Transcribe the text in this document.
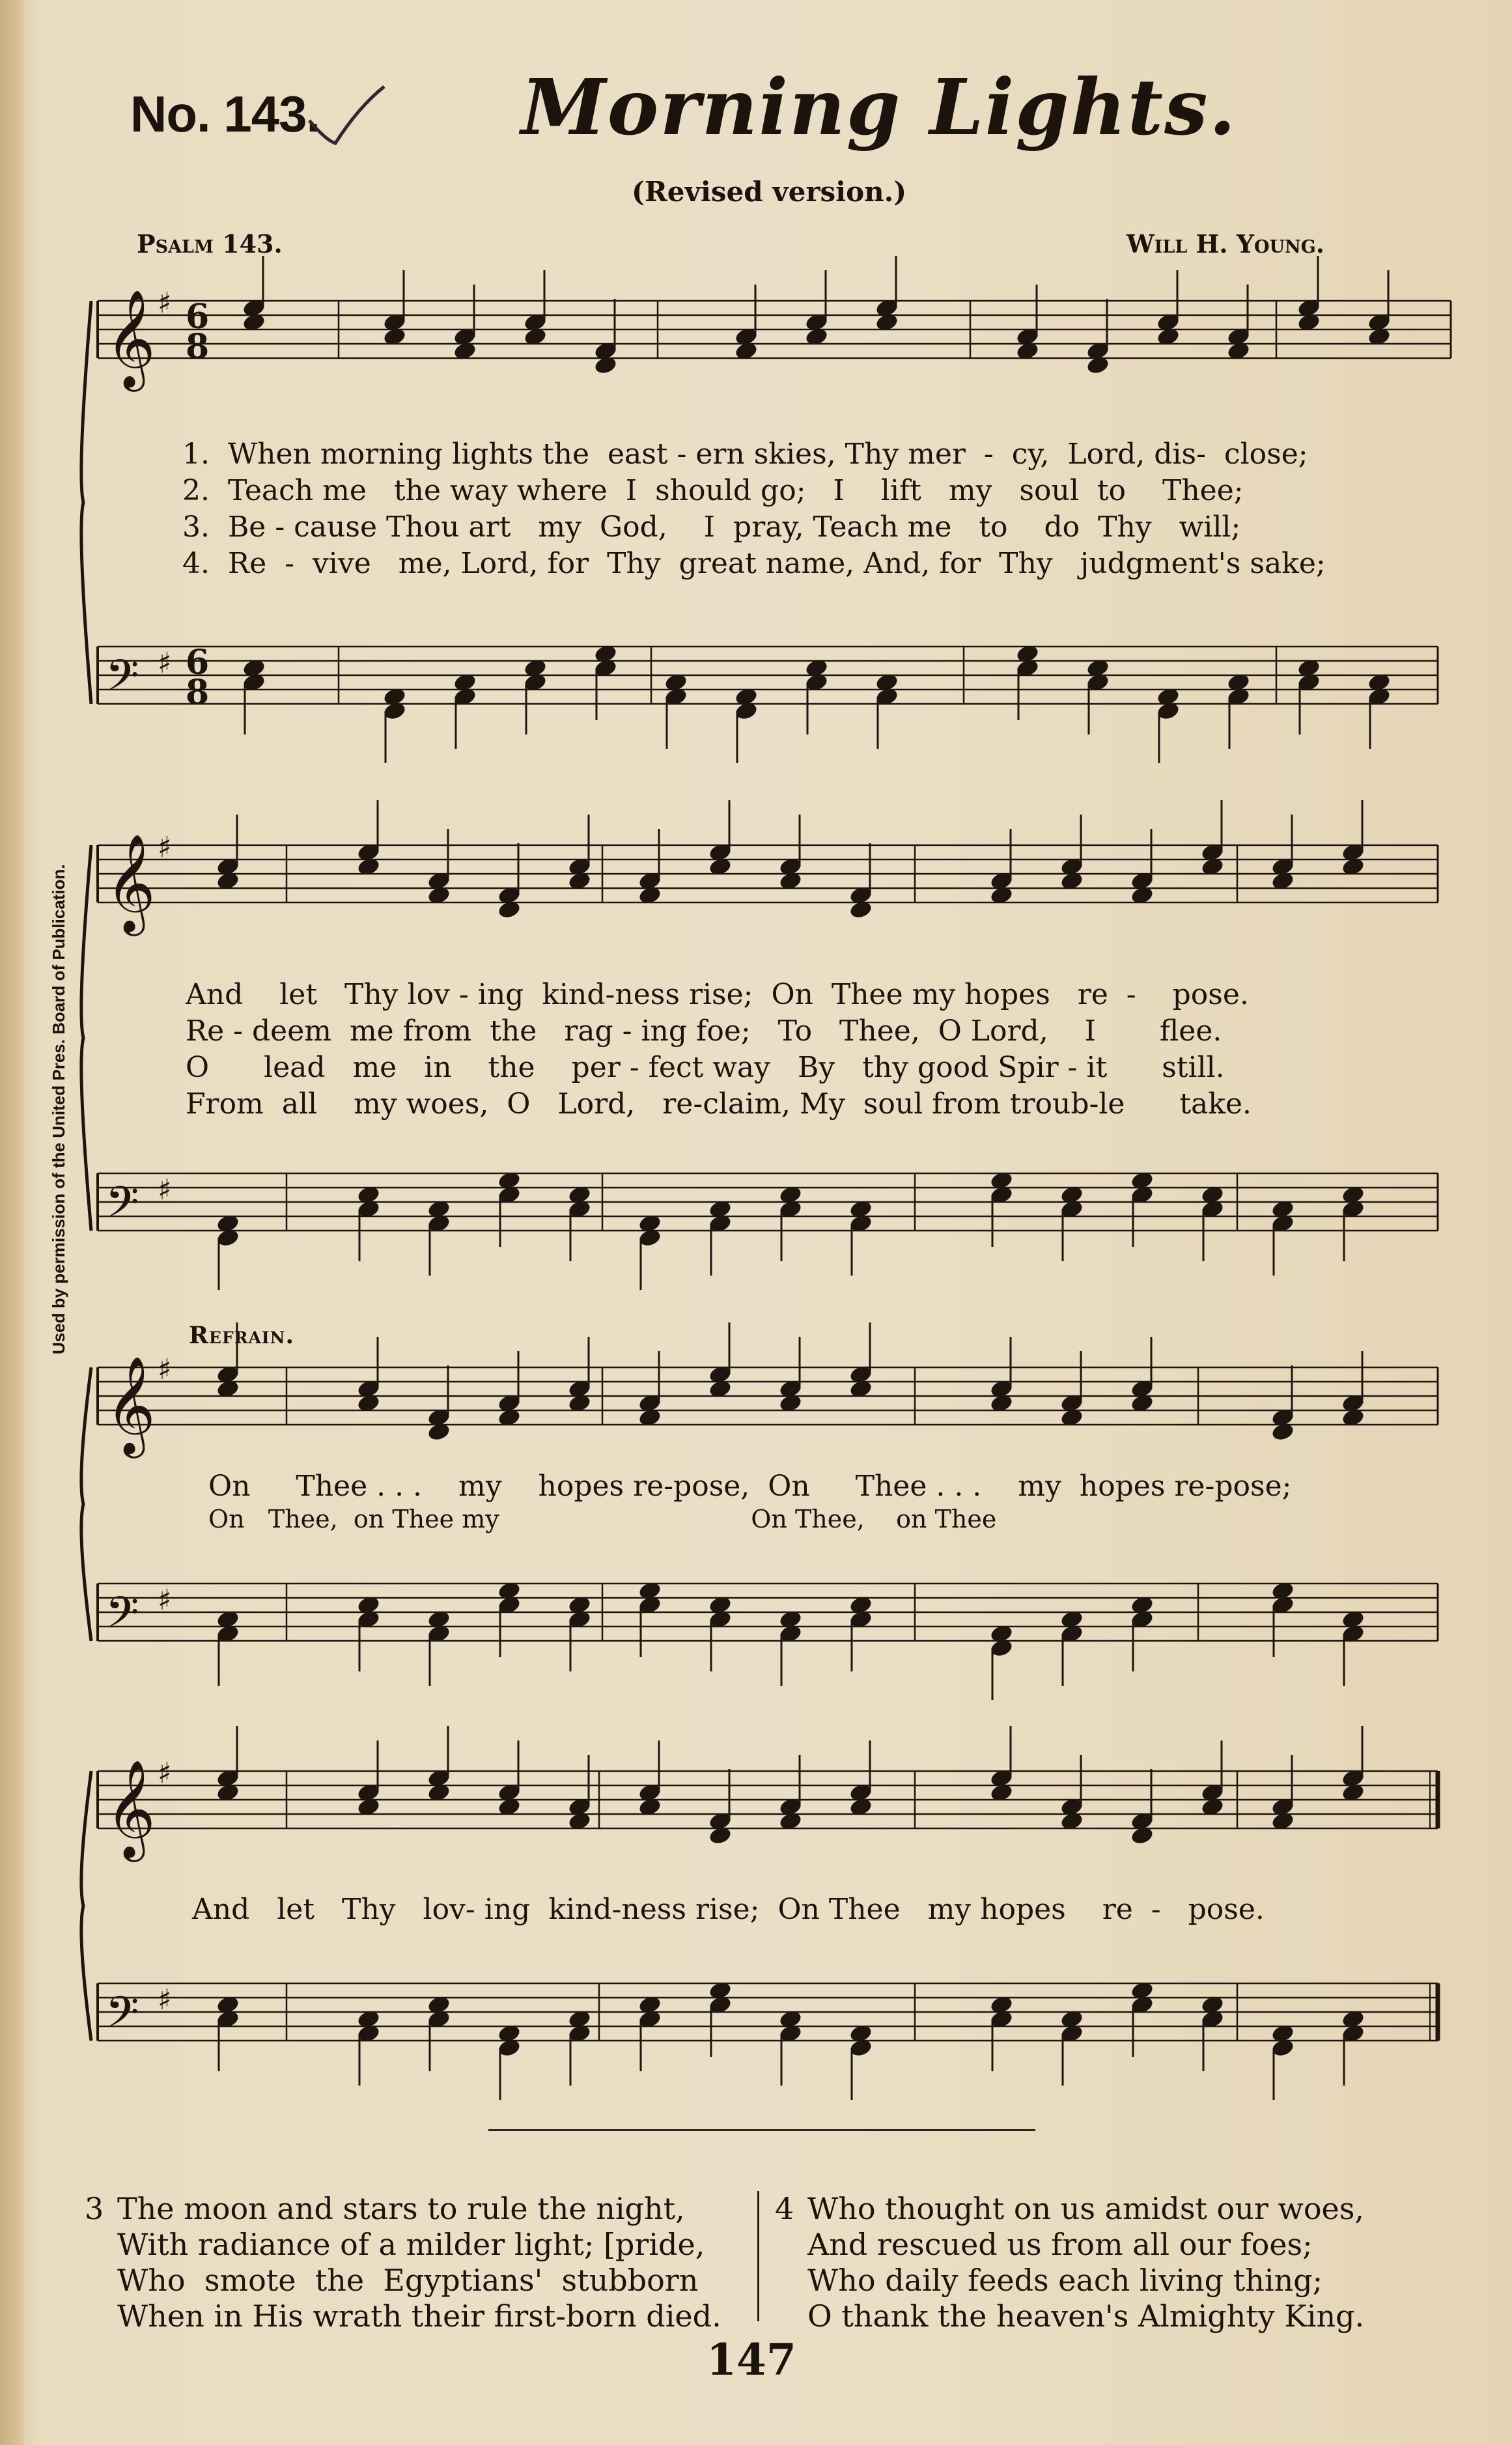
No. 143.	Morning Lights.
(Revised version.)
Psalm 143.	Will H. Young.
Used by permission of the United Pres. Board of Publication.
𝄞 ♯ 6
8
𝄢 ♯ 6
8
𝄞 ♯
𝄢 ♯
𝄞 ♯
𝄢 ♯
𝄞 ♯
𝄢 ♯
1.  When morning lights the  east - ern skies, Thy mer  -  cy,  Lord, dis-  close;
2.  Teach me   the way where  I  should go;   I    lift   my   soul  to    Thee;
3.  Be - cause Thou art   my  God,    I  pray, Teach me   to    do  Thy   will;
4.  Re  -  vive   me, Lord, for  Thy  great name, And, for  Thy   judgment's sake;
And    let   Thy lov - ing  kind-ness rise;  On  Thee my hopes   re  -    pose.
Re - deem  me from  the   rag - ing foe;   To   Thee,  O Lord,    I       flee.
O      lead   me   in    the    per - fect way   By   thy good Spir - it      still.
From  all    my woes,  O   Lord,   re-claim, My  soul from troub-le      take.
Refrain.
On     Thee . . .    my    hopes re-pose,  On     Thee . . .    my  hopes re-pose;
On   Thee,  on Thee my                                On Thee,    on Thee
And   let   Thy   lov- ing  kind-ness rise;  On Thee   my hopes    re  -   pose.
3 The moon and stars to rule the night,
With radiance of a milder light; [pride,
Who  smote  the  Egyptians'  stubborn
When in His wrath their first-born died.
4 Who thought on us amidst our woes,
And rescued us from all our foes;
Who daily feeds each living thing;
O thank the heaven's Almighty King.
147
